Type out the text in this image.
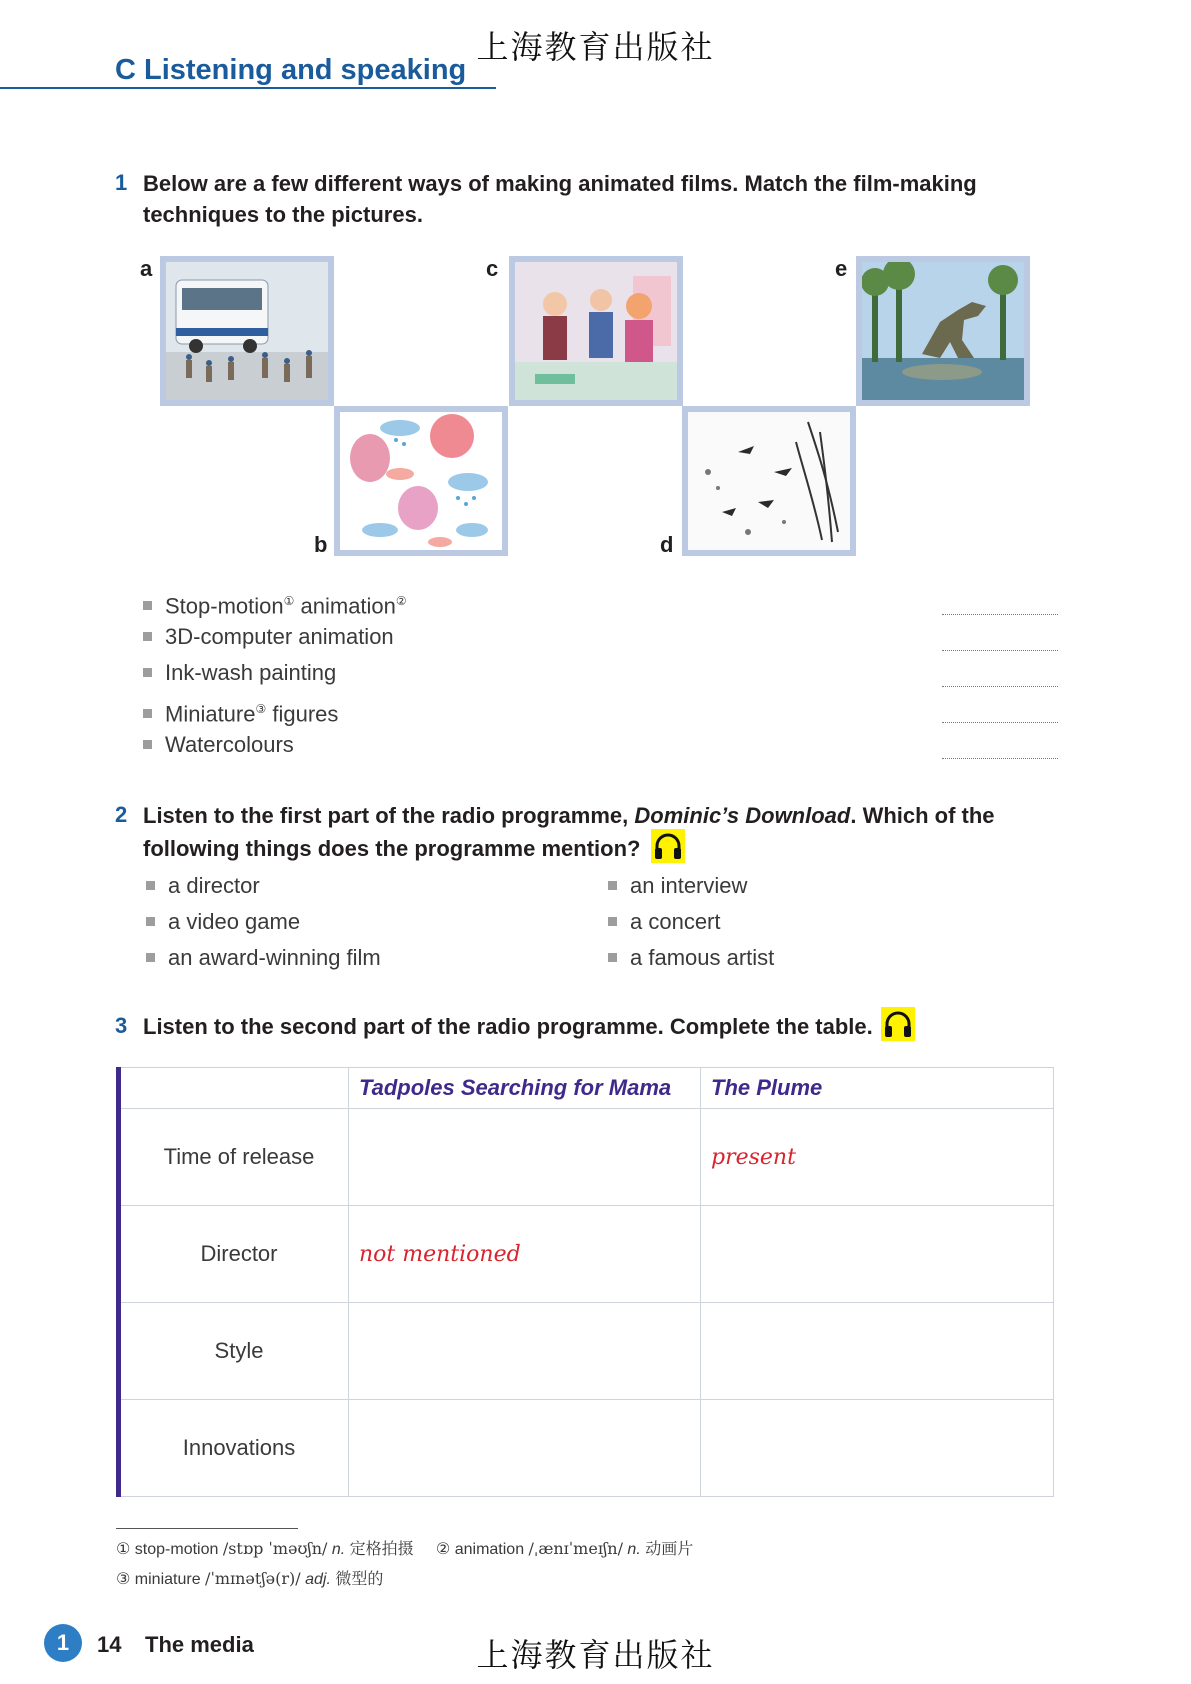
上海教育出版社
C Listening and speaking
1 Below are a few different ways of making animated films. Match the film-making
techniques to the pictures.
a	c	e
b	d
Stop-motion① animation②
3D-computer animation
Ink-wash painting
Miniature③ figures
Watercolours
2 Listen to the first part of the radio programme, Dominic’s Download. Which of the
following things does the programme mention?
a director
a video game
an award-winning film
an interview
a concert
a famous artist
3 Listen to the second part of the radio programme. Complete the table.
	Tadpoles Searching for Mama	The Plume
Time of release		present
Director	not mentioned	
Style		
Innovations		
① stop-motion /stɒp ˈməʊʃn/ n. 定格拍摄 ② animation /ˌænɪˈmeɪʃn/ n. 动画片
③ miniature /ˈmɪnətʃə(r)/ adj. 微型的
1	14 The media	上海教育出版社
